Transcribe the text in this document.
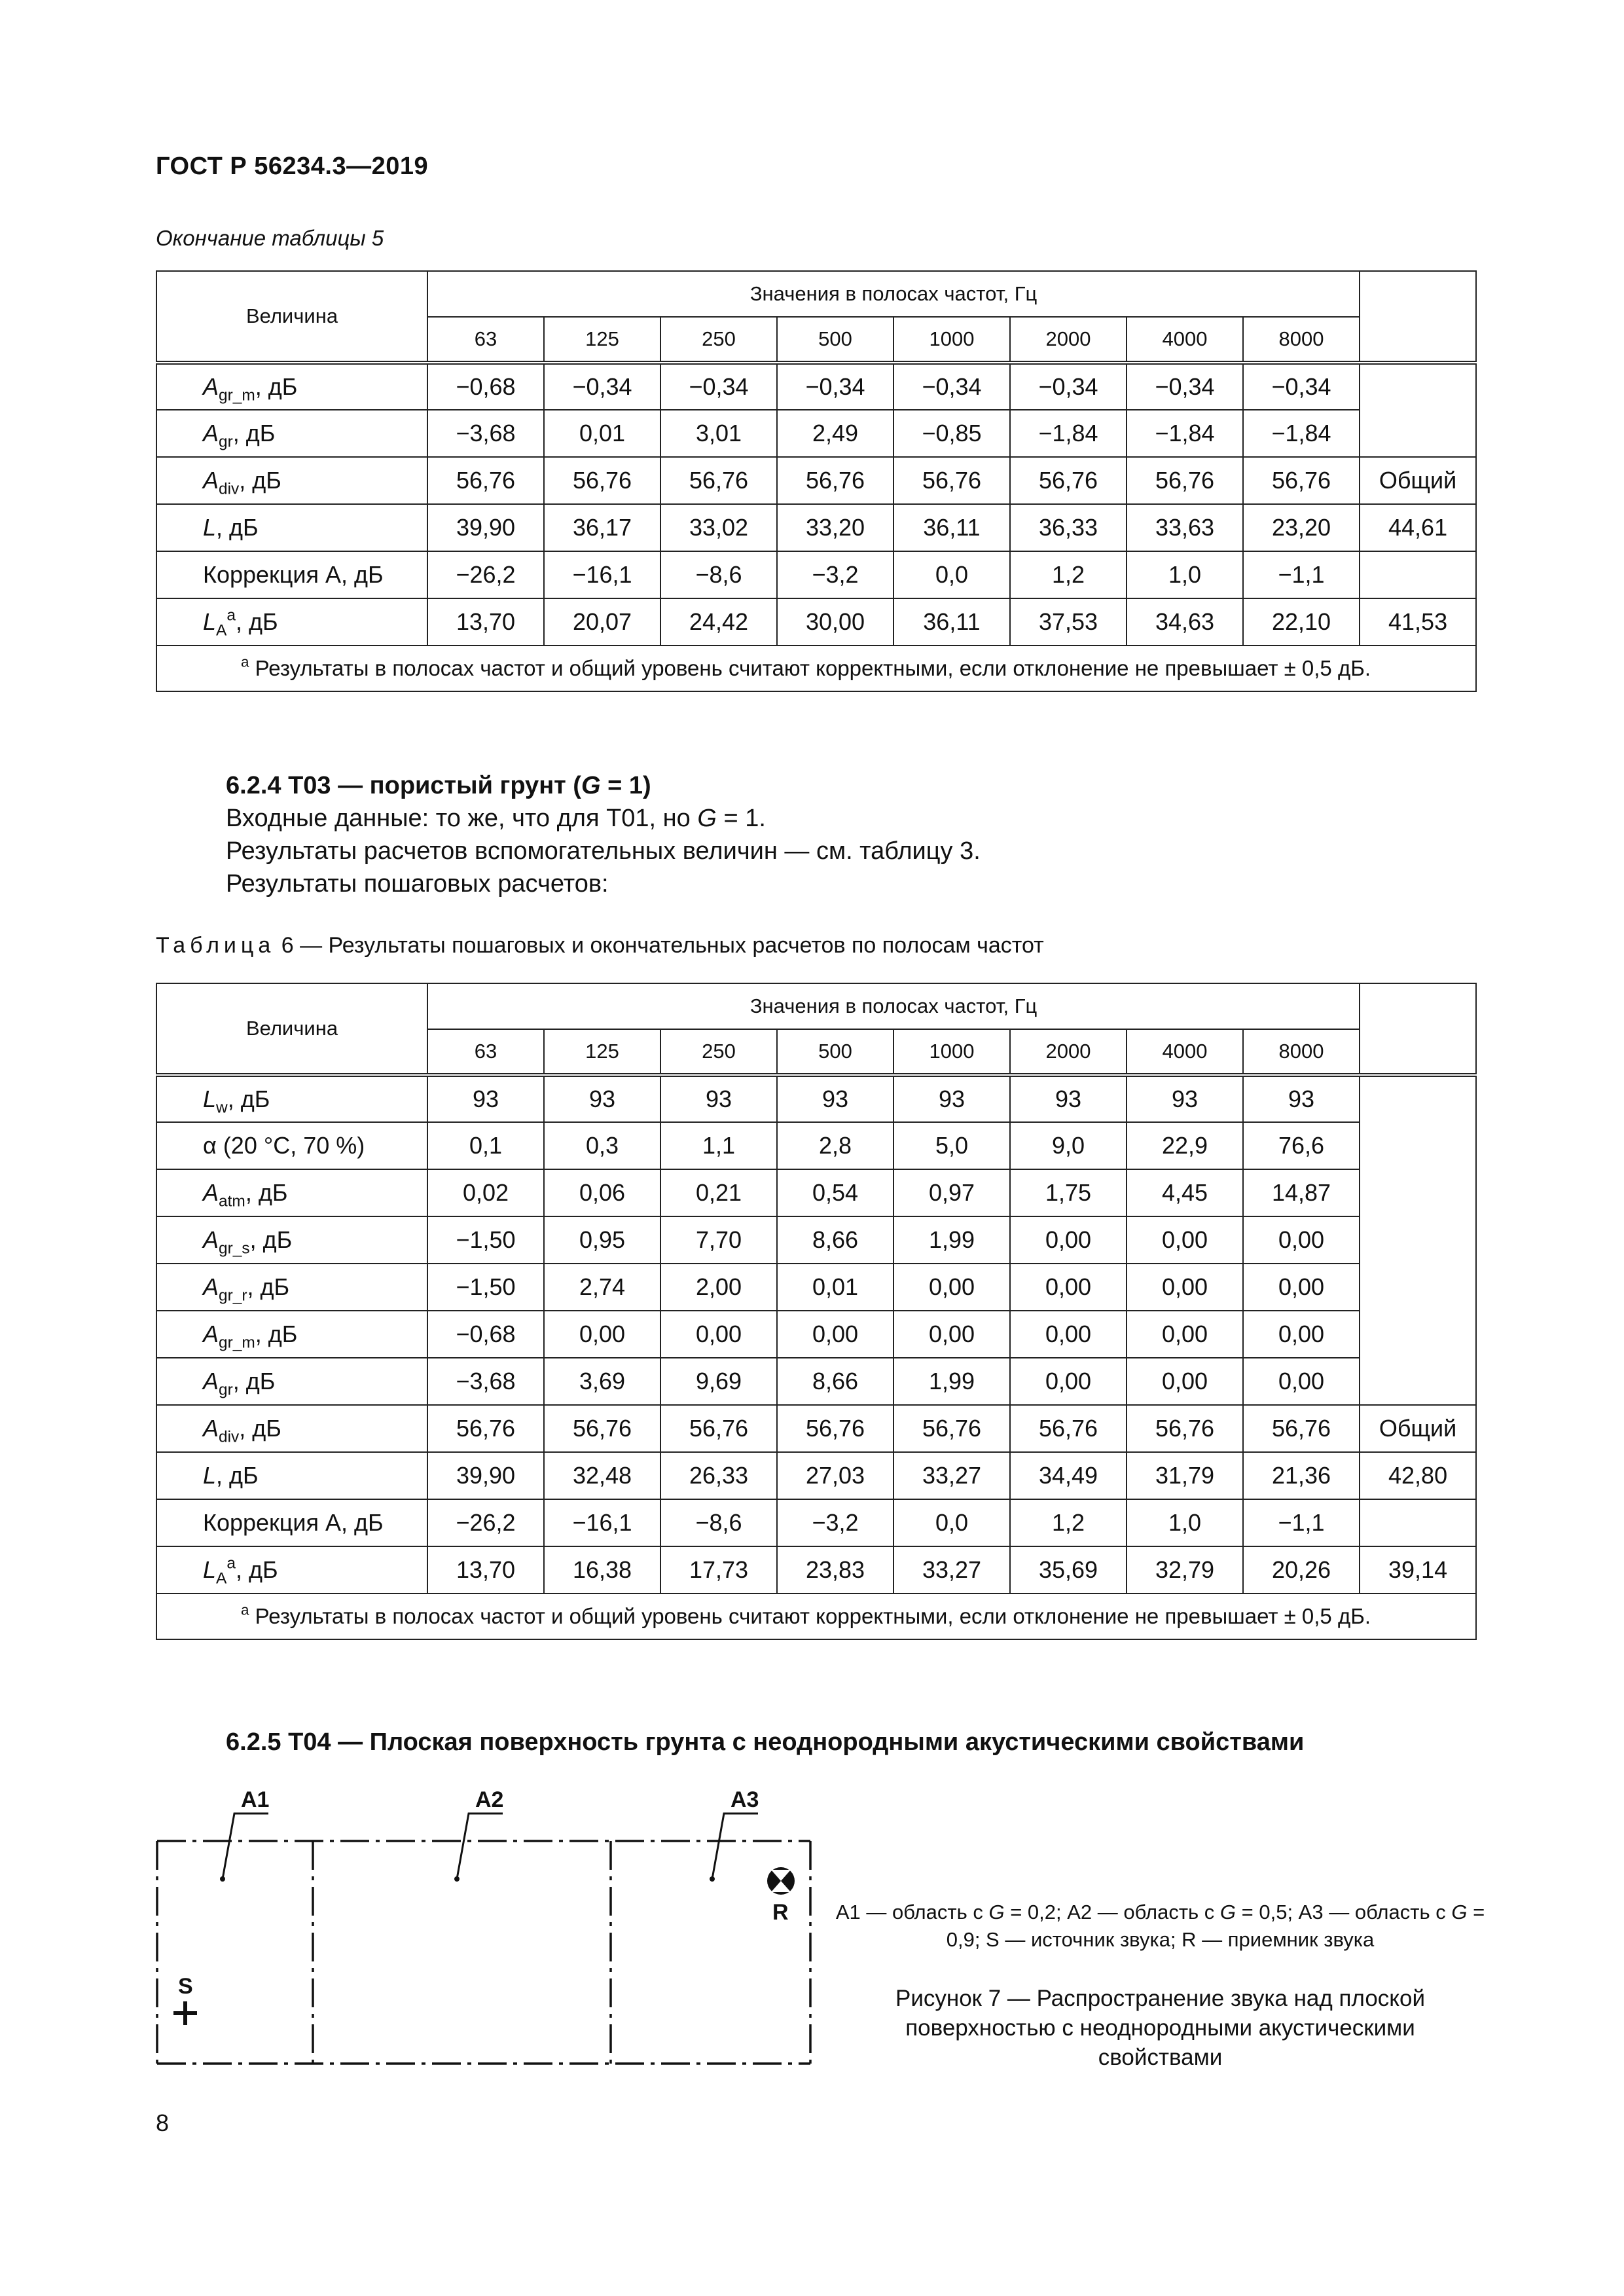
ГОСТ Р 56234.3—2019
Окончание таблицы 5
Величина	Значения в полосах частот, Гц								
	63	125	250	500	1000	2000	4000	8000	
$A_{gr\_m}$, дБ	−0,68	−0,34	−0,34	−0,34	−0,34	−0,34	−0,34	−0,34	
$A_{gr}$, дБ	−3,68	0,01	3,01	2,49	−0,85	−1,84	−1,84	−1,84	
$A_{div}$, дБ	56,76	56,76	56,76	56,76	56,76	56,76	56,76	56,76	Общий
L, дБ	39,90	36,17	33,02	33,20	36,11	36,33	33,63	23,20	44,61
Коррекция А, дБ	−26,2	−16,1	−8,6	−3,2	0,0	1,2	1,0	−1,1	
$L_A^a$, дБ	13,70	20,07	24,42	30,00	36,11	37,53	34,63	22,10	41,53
$^a$ Результаты в полосах частот и общий уровень считают корректными, если отклонение не превышает ± 0,5 дБ.									
6.2.4 Т03 — пористый грунт (G = 1)
Входные данные: то же, что для Т01, но G = 1.
Результаты расчетов вспомогательных величин — см. таблицу 3.
Результаты пошаговых расчетов:
Таблица 6 — Результаты пошаговых и окончательных расчетов по полосам частот
Величина	Значения в полосах частот, Гц								
	63	125	250	500	1000	2000	4000	8000	
$L_w$, дБ	93	93	93	93	93	93	93	93	
α (20 °С, 70 %)	0,1	0,3	1,1	2,8	5,0	9,0	22,9	76,6	
$A_{atm}$, дБ	0,02	0,06	0,21	0,54	0,97	1,75	4,45	14,87	
$A_{gr\_s}$, дБ	−1,50	0,95	7,70	8,66	1,99	0,00	0,00	0,00	
$A_{gr\_r}$, дБ	−1,50	2,74	2,00	0,01	0,00	0,00	0,00	0,00	
$A_{gr\_m}$, дБ	−0,68	0,00	0,00	0,00	0,00	0,00	0,00	0,00	
$A_{gr}$, дБ	−3,68	3,69	9,69	8,66	1,99	0,00	0,00	0,00	
$A_{div}$, дБ	56,76	56,76	56,76	56,76	56,76	56,76	56,76	56,76	Общий
L, дБ	39,90	32,48	26,33	27,03	33,27	34,49	31,79	21,36	42,80
Коррекция А, дБ	−26,2	−16,1	−8,6	−3,2	0,0	1,2	1,0	−1,1	
$L_A^a$, дБ	13,70	16,38	17,73	23,83	33,27	35,69	32,79	20,26	39,14
$^a$ Результаты в полосах частот и общий уровень считают корректными, если отклонение не превышает ± 0,5 дБ.									
6.2.5 Т04 — Плоская поверхность грунта с неоднородными акустическими свойствами
А1	А2	А3
S
R А1 — область с G = 0,2; А2 — область с G = 0,5; А3 — область с G = 0,9; S — источник звука; R — приемник звука
Рисунок 7 — Распространение звука над плоской поверхностью с неоднородными акустическими свойствами
8
